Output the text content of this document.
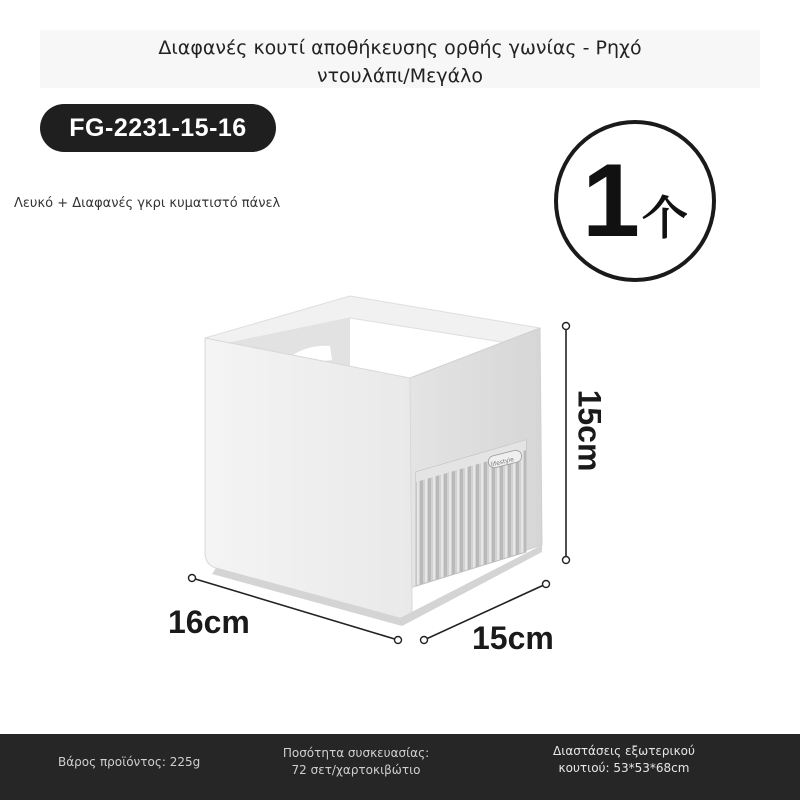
Διαφανές κουτί αποθήκευσης ορθής γωνίας - Ρηχό
ντουλάπι/Μεγάλο
FG-2231-15-16
Λευκό + Διαφανές γκρι κυματιστό πάνελ	1 个
lifestyle
16cm	15cm
15cm
Βάρος προϊόντος: 225g
Ποσότητα συσκευασίας:
72 σετ/χαρτοκιβώτιο
Διαστάσεις εξωτερικού
κουτιού: 53*53*68cm
